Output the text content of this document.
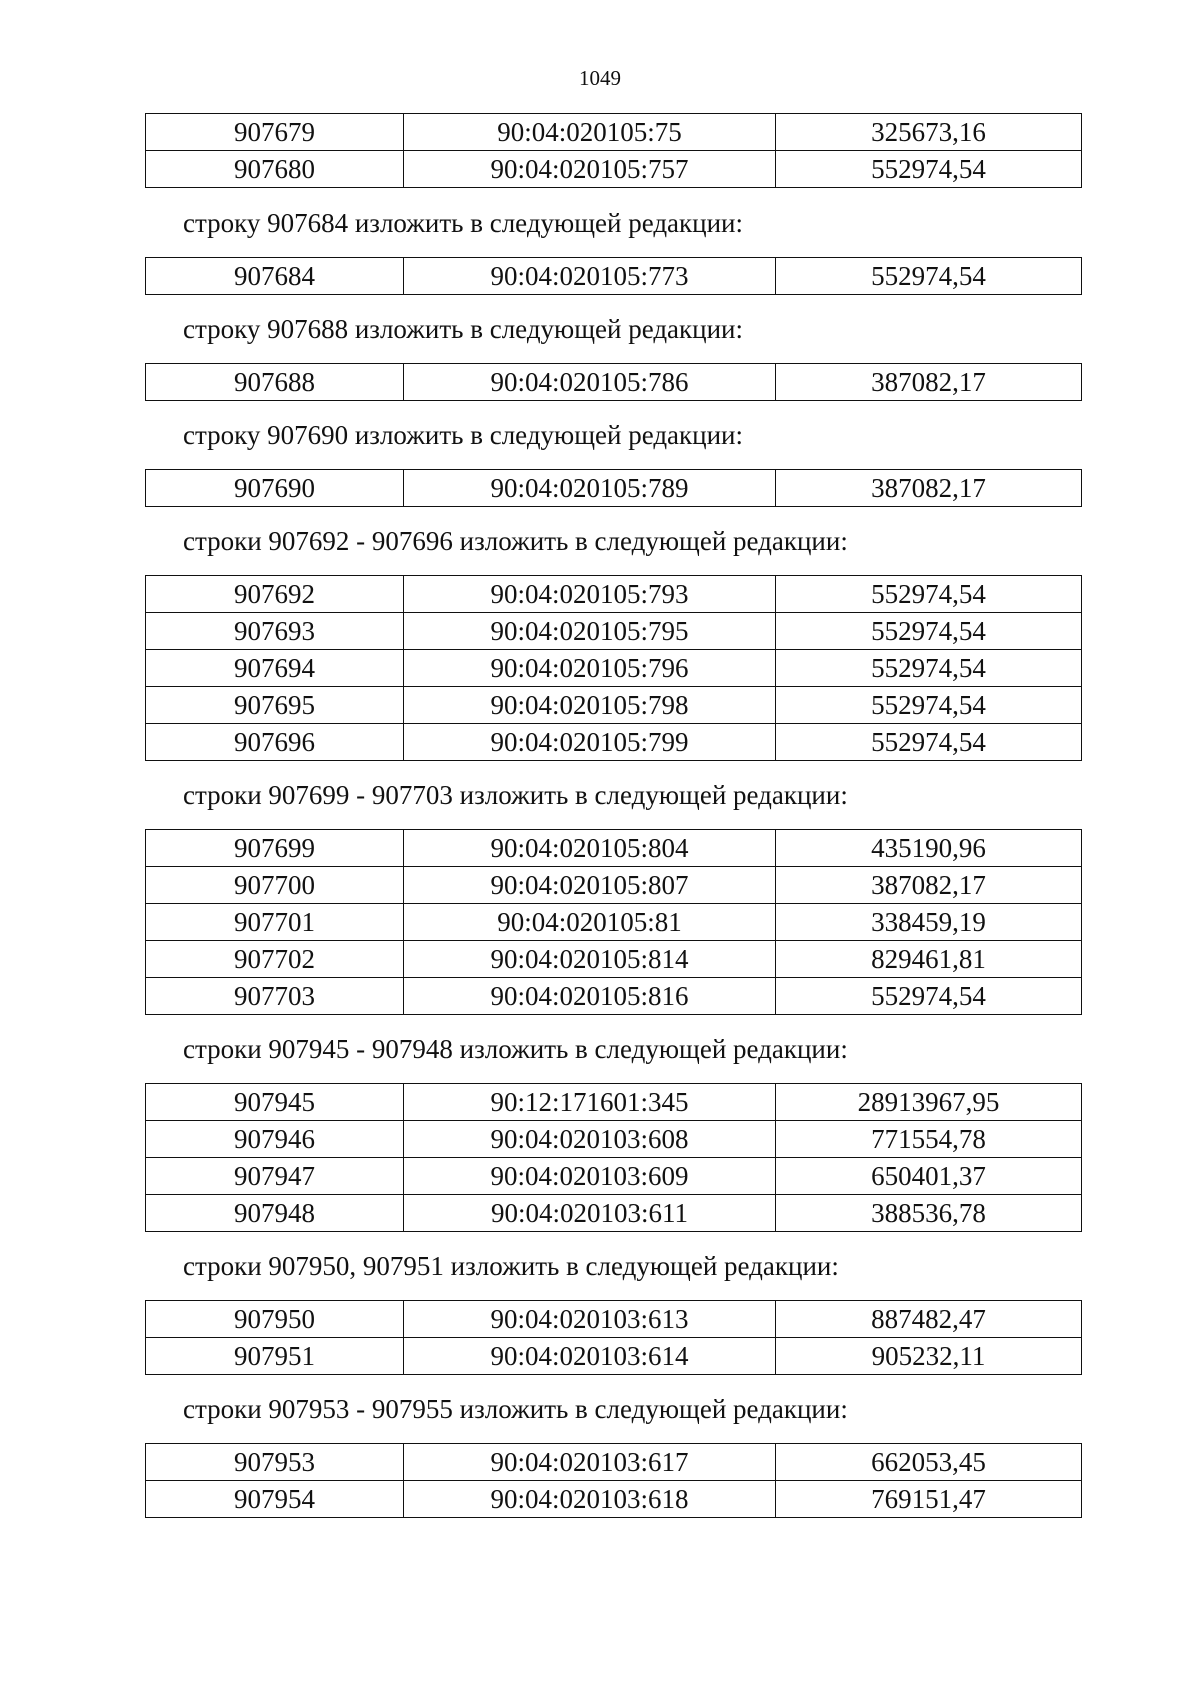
1049
907679	90:04:020105:75	325673,16
907680	90:04:020105:757	552974,54

строку 907684 изложить в следующей редакции:

907684	90:04:020105:773	552974,54

строку 907688 изложить в следующей редакции:

907688	90:04:020105:786	387082,17

строку 907690 изложить в следующей редакции:

907690	90:04:020105:789	387082,17

строки 907692 - 907696 изложить в следующей редакции:

907692	90:04:020105:793	552974,54
907693	90:04:020105:795	552974,54
907694	90:04:020105:796	552974,54
907695	90:04:020105:798	552974,54
907696	90:04:020105:799	552974,54

строки 907699 - 907703 изложить в следующей редакции:

907699	90:04:020105:804	435190,96
907700	90:04:020105:807	387082,17
907701	90:04:020105:81	338459,19
907702	90:04:020105:814	829461,81
907703	90:04:020105:816	552974,54

строки 907945 - 907948 изложить в следующей редакции:

907945	90:12:171601:345	28913967,95
907946	90:04:020103:608	771554,78
907947	90:04:020103:609	650401,37
907948	90:04:020103:611	388536,78

строки 907950, 907951 изложить в следующей редакции:

907950	90:04:020103:613	887482,47
907951	90:04:020103:614	905232,11

строки 907953 - 907955 изложить в следующей редакции:

907953	90:04:020103:617	662053,45
907954	90:04:020103:618	769151,47
